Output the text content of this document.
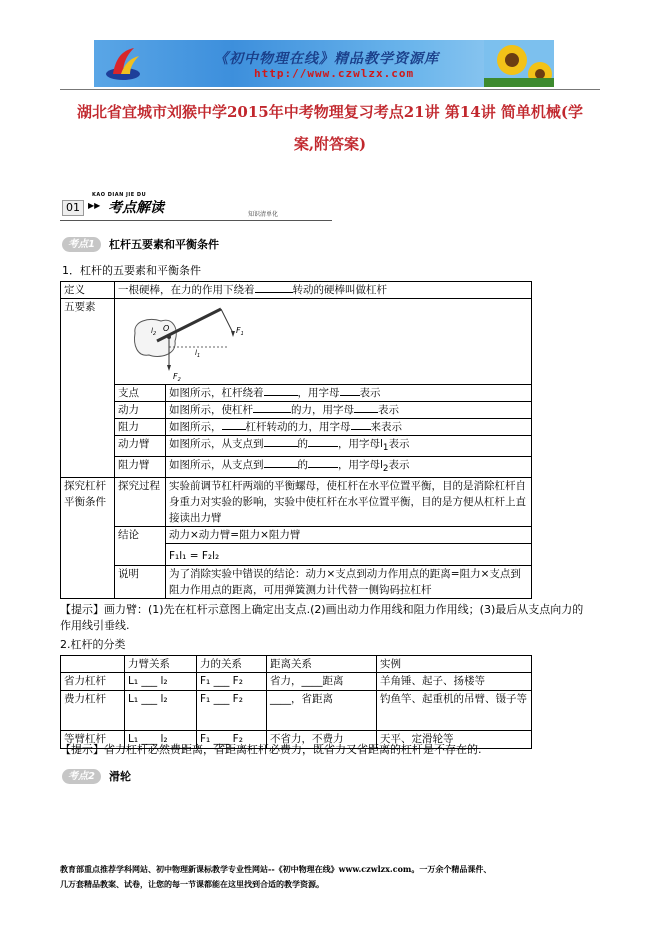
《初中物理在线》精品教学资源库
http://www.czwlzx.com
湖北省宜城市刘猴中学2015年中考物理复习考点21讲 第14讲 简单机械(学
案,附答案)
KAO DIAN JIE DU
01	▶▶ 考点解读	知识清单化
考点1	杠杆五要素和平衡条件
1．杠杆的五要素和平衡条件
定义	一根硬棒，在力的作用下绕着 转动的硬棒叫做杠杆	
五要素	$F_1$
$F_2$
O
$l_1$
$l_2$

	支点	如图所示，杠杆绕着 ，用字母 表示
	动力	如图所示，使杠杆 的力，用字母 表示
	阻力	如图所示， 杠杆转动的力，用字母 来表示
	动力臂	如图所示，从支点到 的 ，用字母$l_1$表示
	阻力臂	如图所示，从支点到 的 ，用字母$l_2$表示
探究杠杆平衡条件	探究过程	实验前调节杠杆两端的平衡螺母，使杠杆在水平位置平衡，目的是消除杠杆自身重力对实验的影响，实验中使杠杆在水平位置平衡，目的是方便从杠杆上直接读出力臂
	结论	动力×动力臂=阻力×阻力臂
		F₁l₁ = F₂l₂
	说明	为了消除实验中错误的结论：动力×支点到动力作用点的距离=阻力×支点到阻力作用点的距离，可用弹簧测力计代替一侧钩码拉杠杆
【提示】画力臂：(1)先在杠杆示意图上确定出支点.(2)画出动力作用线和阻力作用线；(3)最后从支点向力的作用线引垂线.
2.杠杆的分类
	力臂关系	力的关系	距离关系	实例
省力杠杆	L₁ ___ l₂	F₁ ___ F₂	省力，____距离	羊角锤、起子、扬楼等
费力杠杆	L₁ ___ l₂	F₁ ___ F₂	____，省距离	钓鱼竿、起重机的吊臂、镊子等
等臂杠杆	L₁ ___ l₂	F₁ ___ F₂	不省力，不费力	天平、定滑轮等
【提示】省力杠杆必然费距离，省距离杠杆必费力，既省力又省距离的杠杆是不存在的.
考点2	滑轮
教育部重点推荐学科网站、初中物理新课标教学专业性网站--《初中物理在线》www.czwlzx.com。一万余个精品课件、
几万套精品教案、试卷，让您的每一节课都能在这里找到合适的教学资源。
